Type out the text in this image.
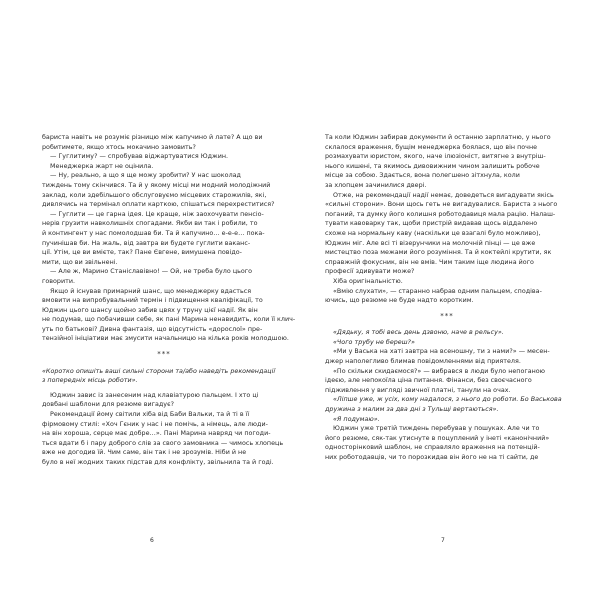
бариста навіть не розуміє різницю між капучино й лате? А що ви

робитимете, якщо хтось мокачино замовить?

— Гуглитиму? — спробував віджартуватися Юджин.

Менеджерка жарт не оцінила.

— Ну, реально, а що я ще можу зробити? У нас шоколад

тиждень тому скінчився. Та й у якому місці ми модний молодіжний

заклад, коли здебільшого обслуговуємо місцевих старожилів, які,

дивлячись на термінал оплати карткою, спішаться перехреститися?

— Гуглити — це гарна ідея. Це краще, ніж заохочувати пенсіо-

нерів грузити навколишніх спогадами. Якби ви так і робили, то

й контингент у нас помолодшав би. Та й капучино… е-е-е… пока-

пучинішав би. На жаль, від завтра ви будете гуглити ваканс-

ції. Утім, це ви вмієте, так? Пане Євгене, вимушена повідо-

мити, що ви звільнені.

— Але ж, Марино Станіславівно! — Ой, не треба було цього

говорити.

Якщо й існував примарний шанс, що менеджерку вдасться

вмовити на випробувальний термін і підвищення кваліфікації, то

Юджин цього шансу щойно забив цвях у труну цієї надії. Як він

не подумав, що побачивши себе, як пані Марина ненавидить, коли її клич-

уть по батькові? Дивна фантазія, що відсутність «дорослої» пре-

тензійної ініціативи має змусити начальницю на кілька років молодшою.

***

«Коротко опишіть ваші сильні сторони та/або наведіть рекомендації

з попередніх місць роботи».

Юджин завис із занесеним над клавіатурою пальцем. І хто ці

довбані шаблони для резюме вигадує?

Рекомендації йому світили хіба від Баби Вальки, та й ті в її

фірмовому стилі: «Хоч Гєник у нас і не помічь, а німець, але люди-

на він хороша, серце має добре…». Пані Марина навряд чи погоди-

ться вдати б і пару доброго слів за свого замовника — чимось хлопець

вже не догодив їй. Чим саме, він так і не зрозумів. Ніби й не

було в неї жодних таких підстав для конфлікту, звільнила та й годі.

Та коли Юджин забирав документи й останню зарплатню, у нього

склалося враження, бущім менеджерка боялася, що він почне

розмахувати юристом, якого, наче ілюзіоніст, витягне з внутріш-

нього кишені, та якимось дивовижним чином залишить робоче

місце за собою. Здається, вона полегшено зітхнула, коли

за хлопцем зачинилися двері.

Отже, на рекомендації надії немає, доведеться вигадувати якісь

«сильні сторони». Вони щось геть не вигадувалися. Бариста з нього

поганий, та думку його колишня роботодавиця мала рацію. Налаш-

тувати кавоварку так, щоби пристрій видавав щось віддалено

схоже на нормальну каву (наскільки це взагалі було можливо),

Юджин міг. Але всі ті візерунчики на молочній пінці — це вже

мистецтво поза межами його розуміння. Та й коктейлі крутити, як

справжній фокусник, він не вмів. Чим таким іще людина його

професії здивувати може?

Хіба оригінальністю.

«Вмію слухати», — старанно набрав одним пальцем, сподіва-

ючись, що резюме не буде надто коротким.

***

«Дядьку, я тобі весь день дзвоню, наче в рельсу».

«Чого трубу не береш?»

«Ми у Васька на хаті завтра на всеношну, ти з нами?» — месен-

джер наполегливо блимав повідомленнями від приятеля.

«По скільки скидаємося?» — вибрався в люди було непоганою

ідеєю, але непокоїла ціна питання. Фінанси, без своєчасного

підживлення у вигляді звичної платні, танули на очах.

«Ліпше уже, ж усіх, кому надалося, з нього до роботи. Бо Васькова

дружина з малим за два дні з Тульщі вертаються».

«Я подумаю».

Юджин уже третій тиждень перебував у пошуках. Але чи то

його резюме, сяк-так утиснуте в поцуплений у інеті «канонічний»

односторінковий шаблон, не справляло враження на потенцій-

них роботодавців, чи то порозкидав він його не на ті сайти, де

6	7
